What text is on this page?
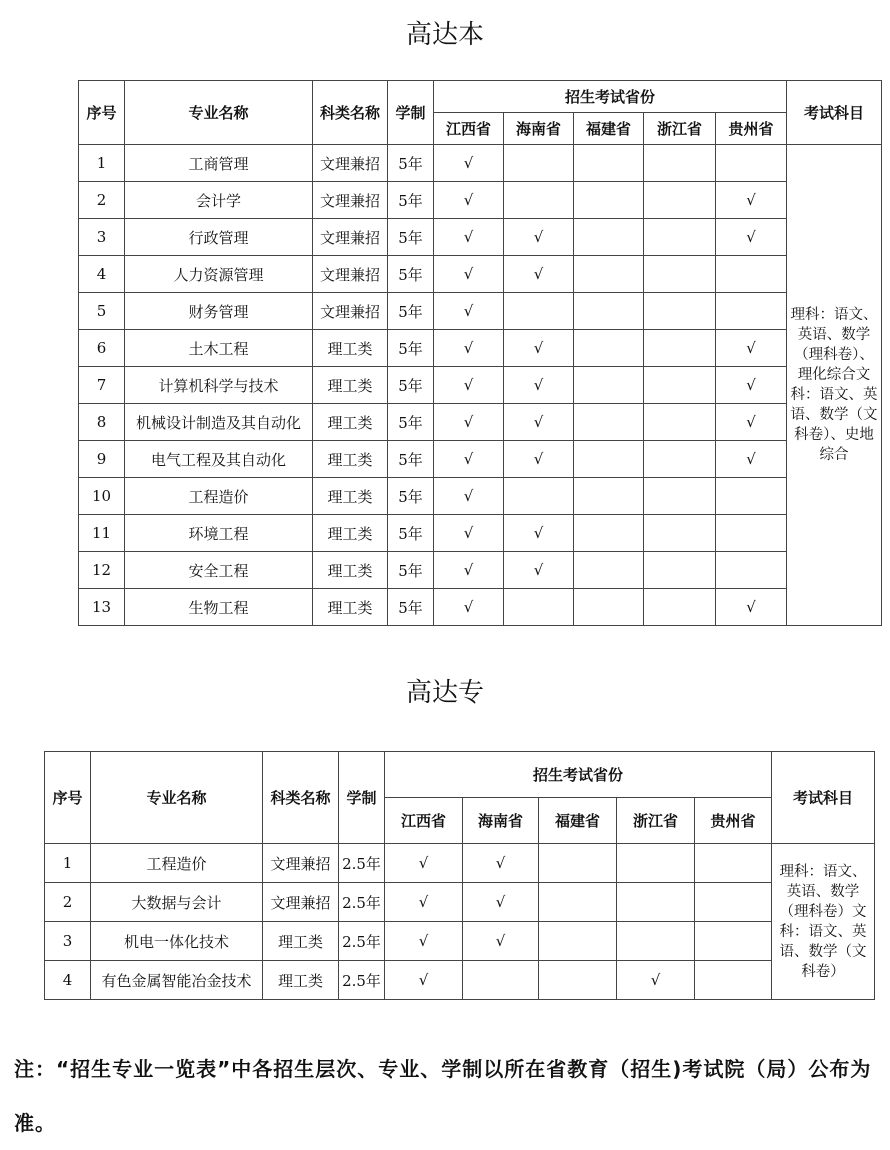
高达本
序号	专业名称	科类名称	学制	招生考试省份					考试科目
				江西省	海南省	福建省	浙江省	贵州省	
1	工商管理	文理兼招	5年	√					理科：语文、英语、数学（理科卷）、理化综合文科：语文、英语、数学（文科卷）、史地综合
2	会计学	文理兼招	5年	√				√	
3	行政管理	文理兼招	5年	√	√			√	
4	人力资源管理	文理兼招	5年	√	√				
5	财务管理	文理兼招	5年	√					
6	土木工程	理工类	5年	√	√			√	
7	计算机科学与技术	理工类	5年	√	√			√	
8	机械设计制造及其自动化	理工类	5年	√	√			√	
9	电气工程及其自动化	理工类	5年	√	√			√	
10	工程造价	理工类	5年	√					
11	环境工程	理工类	5年	√	√				
12	安全工程	理工类	5年	√	√				
13	生物工程	理工类	5年	√				√	
高达专
序号	专业名称	科类名称	学制	招生考试省份					考试科目
				江西省	海南省	福建省	浙江省	贵州省	
1	工程造价	文理兼招	2.5年	√	√				理科：语文、英语、数学（理科卷）文科：语文、英语、数学（文科卷）
2	大数据与会计	文理兼招	2.5年	√	√				
3	机电一体化技术	理工类	2.5年	√	√				
4	有色金属智能冶金技术	理工类	2.5年	√			√		
注：“招生专业一览表”中各招生层次、专业、学制以所在省教育（招生)考试院（局）公布为准。
